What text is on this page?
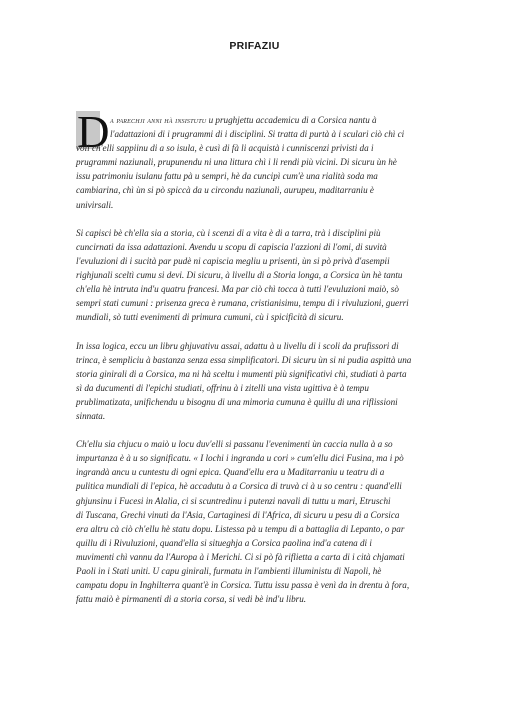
PRIFAZIU
D a parechji anni hà insistutu u prughjettu accademicu di a Corsica nantu à
l'adattazioni di i prugrammi di i disciplini. Si tratta di purtà à i sculari ciò chì ci
voli ch'elli sappiinu di a so isula, è cusì di fà li acquistà i cunniscenzi privisti da i
prugrammi naziunali, prupunendu ni una littura chì i li rendi più vicini. Di sicuru ùn hè
issu patrimoniu isulanu fattu pà u sempri, hè da cuncipì cum'è una rialità soda ma
cambiarina, chì ùn si pò spiccà da u circondu naziunali, aurupeu, maditarraniu è
univirsali.
Si capisci bè ch'ella sia a storia, cù i scenzi di a vita è di a tarra, trà i disciplini più
cuncirnati da issa adattazioni. Avendu u scopu di capiscia l'azzioni di l'omi, di suvità
l'evuluzioni di i sucità par pudè ni capiscia megliu u prisenti, ùn si pò privà d'asempii
righjunali sceltì cumu si devi. Di sicuru, à livellu di a Storia longa, a Corsica ùn hè tantu
ch'ella hè intruta ind'u quatru francesi. Ma par ciò chì tocca à tutti l'evuluzioni maiò, sò
sempri stati cumuni : prisenza greca è rumana, cristianisimu, tempu di i rivuluzioni, guerri
mundiali, sò tutti evenimenti di primura cumuni, cù i spicificità di sicuru.
In issa logica, eccu un libru ghjuvativu assai, adattu à u livellu di i scoli da prufissori di
trinca, è sempliciu à bastanza senza essa simplificatori. Di sicuru ùn si ni pudia aspittà una
storia ginirali di a Corsica, ma ni hà sceltu i mumenti più significativi chì, studiati à parta
sì da ducumenti di l'epichi studiati, offrinu à i zitelli una vista ugittiva è à tempu
prublimatizata, unifichendu u bisognu di una mimoria cumuna è quillu di una riflissioni
sinnata.
Ch'ellu sia chjucu o maiò u locu duv'elli si passanu l'evenimenti ùn caccia nulla à a so
impurtanza è à u so significatu. « I lochi i ingranda u cori » cum'ellu dici Fusina, ma i pò
ingrandà ancu u cuntestu di ogni epica. Quand'ellu era u Maditarraniu u teatru di a
pulitica mundiali di l'epica, hè accadutu à a Corsica di truvà ci à u so centru : quand'elli
ghjunsinu i Fucesi in Alalia, ci si scuntredinu i putenzi navali di tuttu u mari, Etruschi
di Tuscana, Grechi vinuti da l'Asia, Cartaginesi di l'Africa, di sicuru u pesu di a Corsica
era altru cà ciò ch'ellu hè statu dopu. Listessa pà u tempu di a battaglia di Lepanto, o par
quillu di i Rivuluzioni, quand'ella si situeghja a Corsica paolina ind'a catena di i
muvimenti chì vannu da l'Auropa à i Merichi. Ci si pò fà riflietta a carta di i cità chjamati
Paoli in i Stati uniti. U capu ginirali, furmatu in l'ambienti illuministu di Napoli, hè
campatu dopu in Inghilterra quant'è in Corsica. Tuttu issu passa è venì da in drentu à fora,
fattu maiò è pirmanenti di a storia corsa, si vedi bè ind'u libru.
